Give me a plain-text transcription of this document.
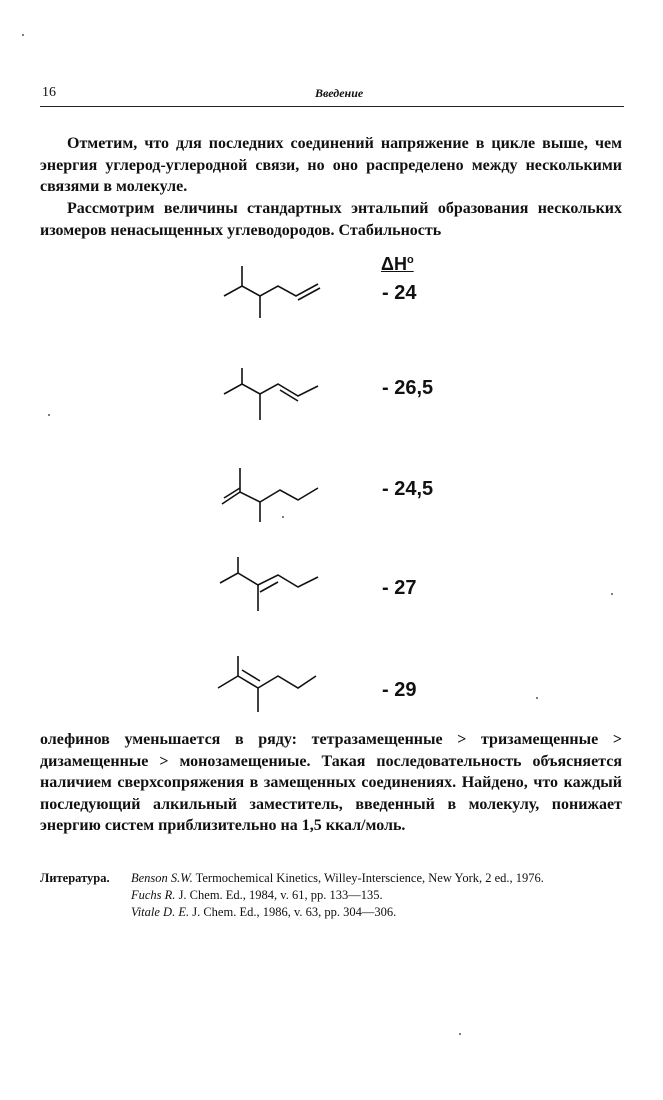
16	Введение
Отметим, что для последних соединений напряжение в цикле выше, чем энергия углерод-углеродной связи, но оно распределено между несколькими связями в молекуле.
Рассмотрим величины стандартных энтальпий образования нескольких изомеров ненасыщенных углеводородов. Стабильность
$\Delta H^o$
- 24
- 26,5
- 24,5
- 27
- 29
олефинов уменьшается в ряду: тетразамещенные > тризамещенные > дизамещенные > монозамещениые. Такая последовательность объясняется наличием сверхсопряжения в замещенных соединениях. Найдено, что каждый последующий алкильный заместитель, введенный в молекулу, понижает энергию систем приблизительно на 1,5 ккал/моль.
Литература. Benson S.W. Termochemical Kinetics, Willey-Interscience, New York, 2 ed., 1976.
Fuchs R. J. Chem. Ed., 1984, v. 61, pp. 133—135.
Vitale D. E. J. Chem. Ed., 1986, v. 63, pp. 304—306.
